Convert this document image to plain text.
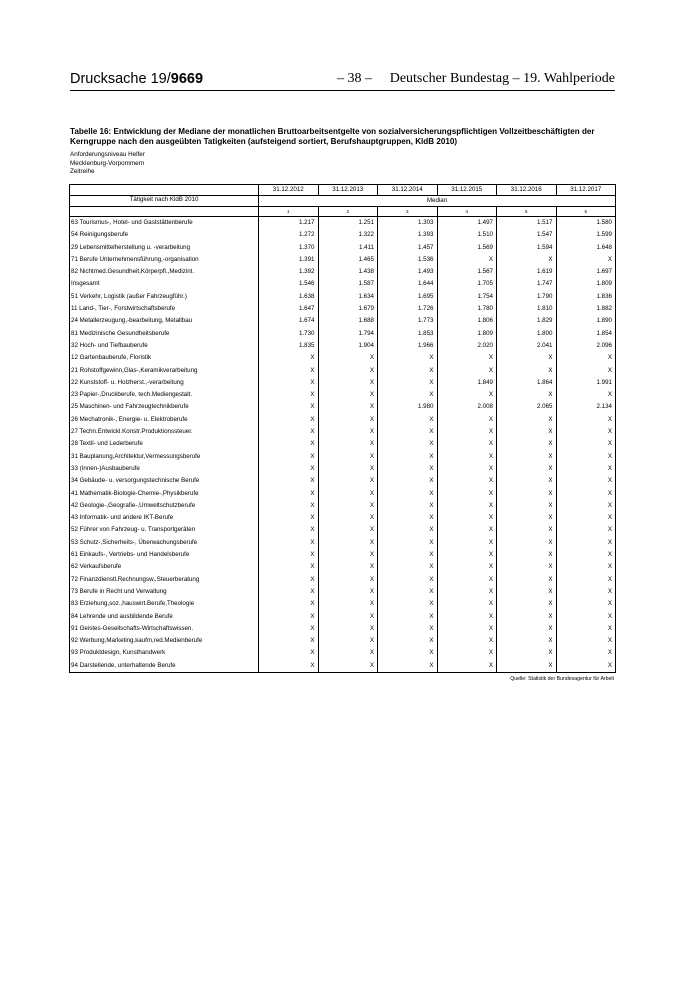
Drucksache 19/9669	– 38 – Deutscher Bundestag – 19. Wahlperiode
Tabelle 16: Entwicklung der Mediane der monatlichen Bruttoarbeitsentgelte von sozialversicherungspflichtigen Vollzeitbeschäftigten der Kerngruppe nach den ausgeübten Tatigkeiten (aufsteigend sortiert, Berufshauptgruppen, KldB 2010)
Anforderungsniveau Helfer
Mecklenburg-Vorpommern
Zeitreihe
Tätigkeit nach KldB 2010
31.12.2012	31.12.2013	31.12.2014	31.12.2015	31.12.2016	31.12.2017
Median
1	2	3	4	5	6
63 Tourismus-, Hotel- und Gaststättenberufe	1.217	1.251	1.303	1.497	1.517	1.580
54 Reinigungsberufe	1.272	1.322	1.393	1.510	1.547	1.599
29 Lebensmittelherstellung u. -verarbeitung	1.370	1.411	1.457	1.569	1.594	1.648
71 Berufe Unternehmensführung,-organisation	1.391	1.465	1.536	X	X	X
82 Nichtmed.Gesundheit,Körperpfl.,Medizint.	1.392	1.438	1.493	1.567	1.619	1.697
Insgesamt	1.546	1.587	1.644	1.705	1.747	1.809
51 Verkehr, Logistik (außer Fahrzeugführ.)	1.638	1.634	1.695	1.754	1.790	1.836
11 Land-, Tier-, Forstwirtschaftsberufe	1.647	1.679	1.726	1.780	1.810	1.882
24 Metallerzeugung,-bearbeitung, Metallbau	1.674	1.688	1.773	1.806	1.829	1.890
81 Medizinische Gesundheitsberufe	1.730	1.794	1.853	1.809	1.800	1.854
32 Hoch- und Tiefbauberufe	1.835	1.904	1.966	2.020	2.041	2.096
12 Gartenbauberufe, Floristik	X	X	X	X	X	X
21 Rohstoffgewinn,Glas-,Keramikverarbeitung	X	X	X	X	X	X
22 Kunststoff- u. Holzherst.,-verarbeitung	X	X	X	1.849	1.864	1.991
23 Papier-,Druckberufe, tech.Mediengestalt.	X	X	X	X	X	X
25 Maschinen- und Fahrzeugtechnikberufe	X	X	1.980	2.008	2.065	2.134
26 Mechatronik-, Energie- u. Elektroberufe	X	X	X	X	X	X
27 Techn.Entwickl.Konstr.Produktionssteuer.	X	X	X	X	X	X
28 Textil- und Lederberufe	X	X	X	X	X	X
31 Bauplanung,Architektur,Vermessungsberufe	X	X	X	X	X	X
33 (Innen-)Ausbauberufe	X	X	X	X	X	X
34 Gebäude- u. versorgungstechnische Berufe	X	X	X	X	X	X
41 Mathematik-Biologie-Chemie-,Physikberufe	X	X	X	X	X	X
42 Geologie-,Geografie-,Umweltschutzberufe	X	X	X	X	X	X
43 Informatik- und andere IKT-Berufe	X	X	X	X	X	X
52 Führer von Fahrzeug- u. Transportgeräten	X	X	X	X	X	X
53 Schutz-,Sicherheits-, Überwachungsberufe	X	X	X	X	X	X
61 Einkaufs-, Vertriebs- und Handelsberufe	X	X	X	X	X	X
62 Verkaufsberufe	X	X	X	X	X	X
72 Finanzdienstl.Rechnungsw.,Steuerberatung	X	X	X	X	X	X
73 Berufe in Recht und Verwaltung	X	X	X	X	X	X
83 Erziehung,soz.,hauswirt.Berufe,Theologie	X	X	X	X	X	X
84 Lehrende und ausbildende Berufe	X	X	X	X	X	X
91 Geistes-Gesellschafts-Wirtschaftswissen.	X	X	X	X	X	X
92 Werbung,Marketing,kaufm,red.Medienberufe	X	X	X	X	X	X
93 Produktdesign, Kunsthandwerk	X	X	X	X	X	X
94 Darstellende, unterhaltende Berufe	X	X	X	X	X	X
Quelle: Statistik der Bundesagentur für Arbeit
